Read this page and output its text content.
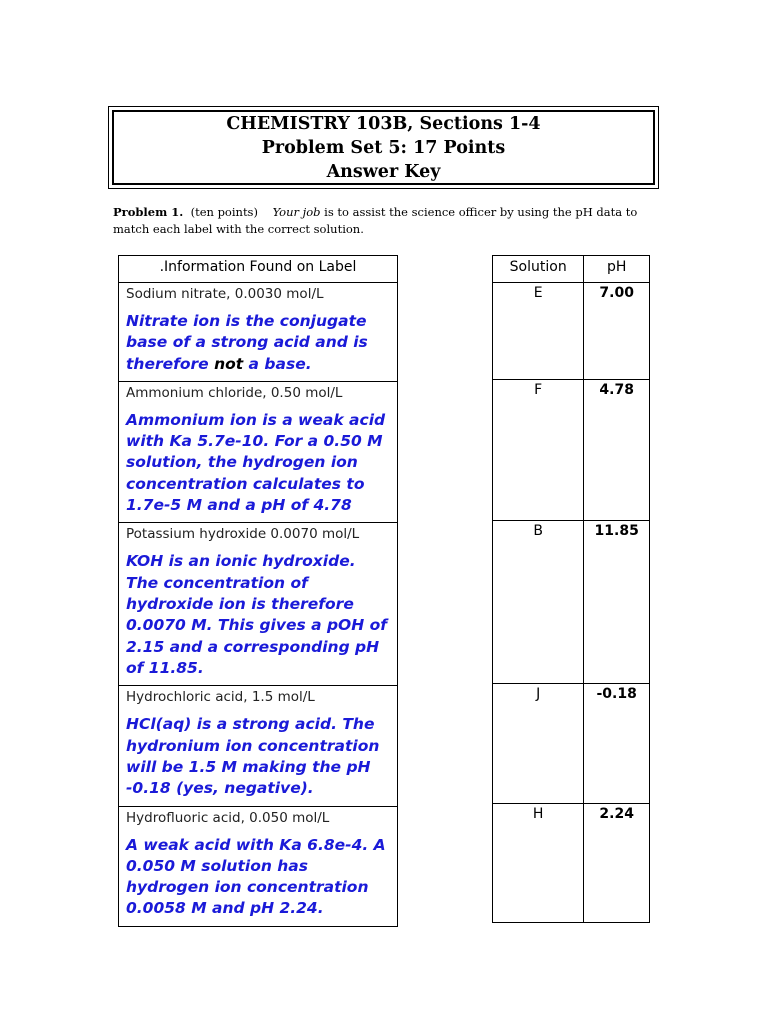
CHEMISTRY 103B, Sections 1-4
Problem Set 5: 17 Points
Answer Key
Problem 1. (ten points) Your job is to assist the science officer by using the pH data to match each label with the correct solution.
.Information Found on Label

Sodium nitrate, 0.0030 mol/L
Nitrate ion is the conjugate base of a strong acid and is therefore not a base.

Ammonium chloride, 0.50 mol/L
Ammonium ion is a weak acid with Ka 5.7e-10. For a 0.50 M solution, the hydrogen ion concentration calculates to 1.7e-5 M and a pH of 4.78

Potassium hydroxide 0.0070 mol/L
KOH is an ionic hydroxide. The concentration of hydroxide ion is therefore 0.0070 M. This gives a pOH of 2.15 and a corresponding pH of 11.85.

Hydrochloric acid, 1.5 mol/L
HCl(aq) is a strong acid. The hydronium ion concentration will be 1.5 M making the pH -0.18 (yes, negative).

Hydrofluoric acid, 0.050 mol/L
A weak acid with Ka 6.8e-4. A 0.050 M solution has hydrogen ion concentration 0.0058 M and pH 2.24.
Solution	pH
E	7.00
F	4.78
B	11.85
J	-0.18
H	2.24
